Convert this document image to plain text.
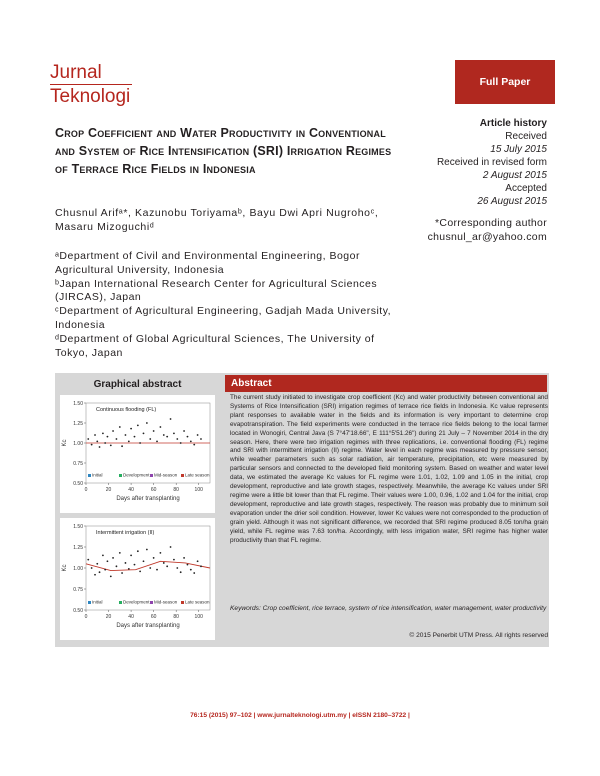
Jurnal
Teknologi
Full Paper
Crop Coefficient and Water Productivity in Conventional and System of Rice Intensification (SRI) Irrigation Regimes of Terrace Rice Fields in Indonesia
Article history
Received
15 July 2015
Received in revised form
2 August 2015
Accepted
26 August 2015
Chusnul Arifᵃ*, Kazunobu Toriyamaᵇ, Bayu Dwi Apri Nugrohoᶜ, Masaru Mizoguchiᵈ	*Corresponding author
chusnul_ar@yahoo.com
ᵃDepartment of Civil and Environmental Engineering, Bogor Agricultural University, Indonesia
ᵇJapan International Research Center for Agricultural Sciences (JIRCAS), Japan
ᶜDepartment of Agricultural Engineering, Gadjah Mada University, Indonesia
ᵈDepartment of Global Agricultural Sciences, The University of Tokyo, Japan
Graphical abstract	Abstract
1.50
1.25
1.00
0.75
0.50
Kc
Continuous flooding (FL)
Initial	Development Mid-season Late season
0	20	40	60	80	100
Days after transplanting
1.50
1.25
1.00
0.75
0.50
Kc
Intermittent irrigation (II)
Initial	Development Mid-season Late season
0	20	40	60	80	100
Days after transplanting
The current study initiated to investigate crop coefficient (Kc) and water productivity between conventional and Systems of Rice Intensification (SRI) irrigation regimes of terrace rice fields in Indonesia. Kc value represents plant responses to available water in the fields and its information is very important to determine crop evapotranspiration. The field experiments were conducted in the terrace rice fields belong to the local farmer located in Wonogiri, Central Java (S 7°47'18.66", E 111°5'51.26") during 21 July – 7 November 2014 in the dry season. Here, there were two irrigation regimes with three replications, i.e. conventional flooding (FL) regime and SRI with intermittent irrigation (II) regime. Water level in each regime was measured by pressure sensor, while weather parameters such as solar radiation, air temperature, precipitation, etc were measured by particular sensors and connected to the developed field monitoring system. Based on weather and water level data, we estimated the average Kc values for FL regime were 1.01, 1.02, 1.09 and 1.05 in the initial, crop development, reproductive and late growth stages, respectively. Meanwhile, the average Kc values under SRI regime were a little bit lower than that FL regime. Their values were 1.00, 0.96, 1.02 and 1.04 for the initial, crop development, reproductive and late growth stages, respectively. The reason was probably due to minimum soil evaporation under the drier soil condition. However, lower Kc values were not corresponded to the production of grain yield. Although it was not significant difference, we recorded that SRI regime produced 8.05 ton/ha grain yield, while FL regime was 7.63 ton/ha. Accordingly, with less irrigation water, SRI regime has higher water productivity than that FL regime.
Keywords: Crop coefficient, rice terrace, system of rice intensification, water management, water productivity
© 2015 Penerbit UTM Press. All rights reserved
76:15 (2015) 97–102 | www.jurnalteknologi.utm.my | eISSN 2180–3722 |
